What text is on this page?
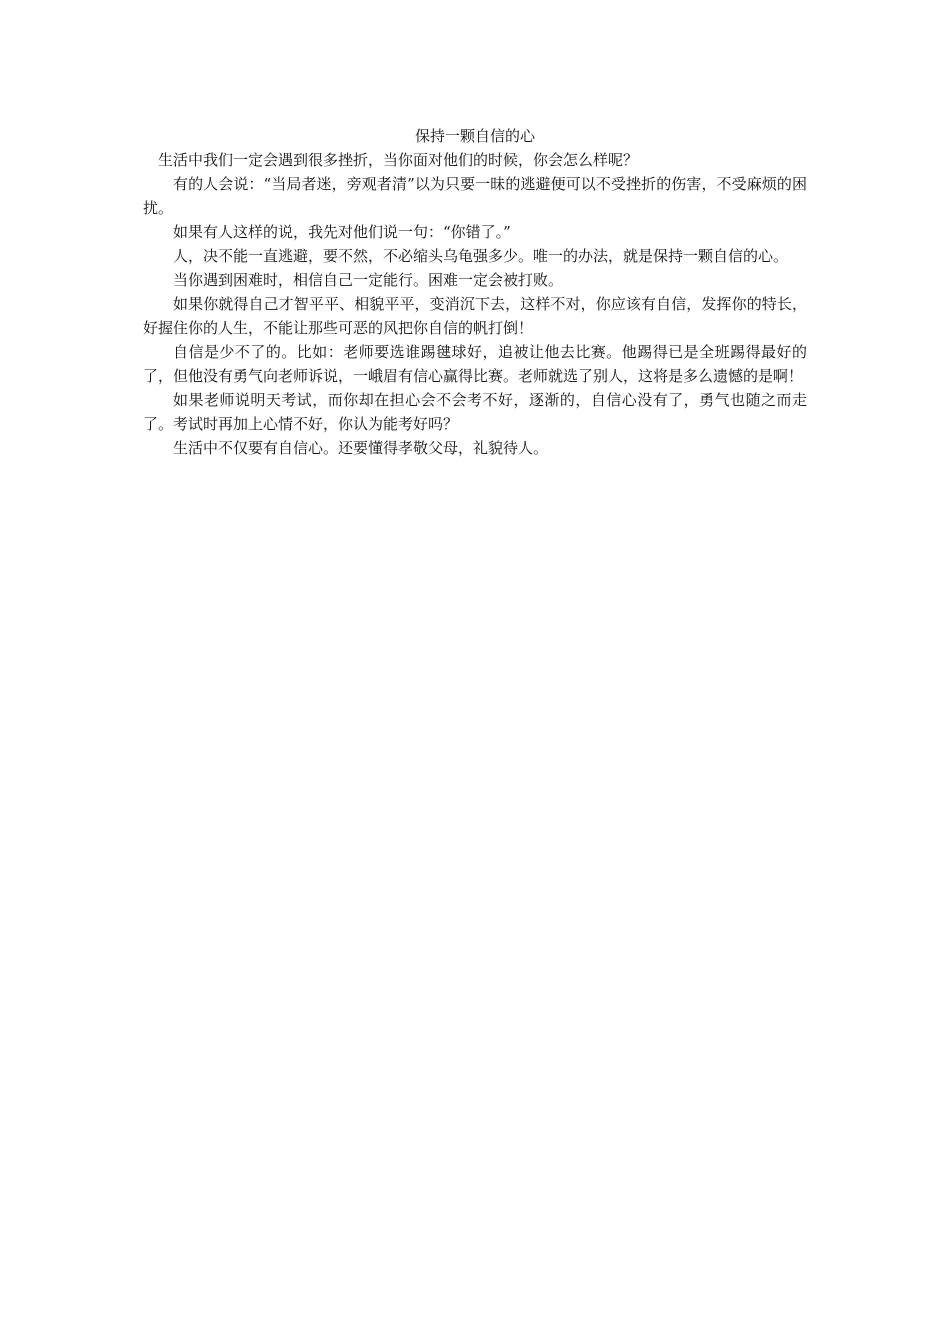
保持一颗自信的心

生活中我们一定会遇到很多挫折，当你面对他们的时候，你会怎么样呢？

有的人会说：“当局者迷，旁观者清”以为只要一昧的逃避便可以不受挫折的伤害，不受麻烦的困扰。

如果有人这样的说，我先对他们说一句：“你错了。”

人，决不能一直逃避，要不然，不必缩头乌龟强多少。唯一的办法，就是保持一颗自信的心。

当你遇到困难时，相信自己一定能行。困难一定会被打败。

如果你就得自己才智平平、相貌平平，变消沉下去，这样不对，你应该有自信，发挥你的特长，好握住你的人生，不能让那些可恶的风把你自信的帆打倒！

自信是少不了的。比如：老师要选谁踢毽球好，追被让他去比赛。他踢得已是全班踢得最好的了，但他没有勇气向老师诉说，一峨眉有信心赢得比赛。老师就选了别人，这将是多么遗憾的是啊！

如果老师说明天考试，而你却在担心会不会考不好，逐渐的，自信心没有了，勇气也随之而走了。考试时再加上心情不好，你认为能考好吗？

生活中不仅要有自信心。还要懂得孝敬父母，礼貌待人。
